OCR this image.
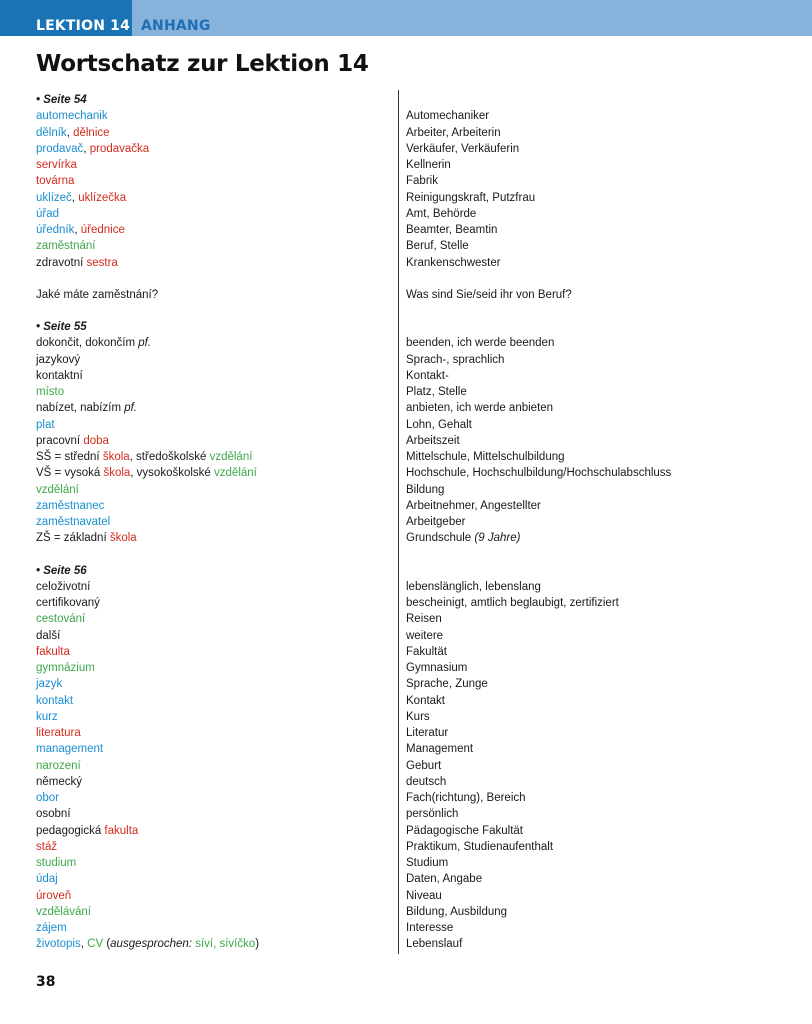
LEKTION 14 ANHANG
Wortschatz zur Lektion 14
• Seite 54
automechanik	Automechaniker
dělník, dělnice	Arbeiter, Arbeiterin
prodavač, prodavačka	Verkäufer, Verkäuferin
servírka	Kellnerin
továrna	Fabrik
uklízeč, uklízečka	Reinigungskraft, Putzfrau
úřad	Amt, Behörde
úředník, úřednice	Beamter, Beamtin
zaměstnání	Beruf, Stelle
zdravotní sestra	Krankenschwester
Jaké máte zaměstnání?	Was sind Sie/seid ihr von Beruf?
• Seite 55
dokončit, dokončím pf.	beenden, ich werde beenden
jazykový	Sprach-, sprachlich
kontaktní	Kontakt-
místo	Platz, Stelle
nabízet, nabízím pf.	anbieten, ich werde anbieten
plat	Lohn, Gehalt
pracovní doba	Arbeitszeit
SŠ = střední škola, středoškolské vzdělání	Mittelschule, Mittelschulbildung
VŠ = vysoká škola, vysokoškolské vzdělání	Hochschule, Hochschulbildung/Hochschulabschluss
vzdělání	Bildung
zaměstnanec	Arbeitnehmer, Angestellter
zaměstnavatel	Arbeitgeber
ZŠ = základní škola	Grundschule (9 Jahre)
• Seite 56
celoživotní	lebenslänglich, lebenslang
certifikovaný	bescheinigt, amtlich beglaubigt, zertifiziert
cestování	Reisen
další	weitere
fakulta	Fakultät
gymnázium	Gymnasium
jazyk	Sprache, Zunge
kontakt	Kontakt
kurz	Kurs
literatura	Literatur
management	Management
narození	Geburt
německý	deutsch
obor	Fach(richtung), Bereich
osobní	persönlich
pedagogická fakulta	Pädagogische Fakultät
stáž	Praktikum, Studienaufenthalt
studium	Studium
údaj	Daten, Angabe
úroveň	Niveau
vzdělávání	Bildung, Ausbildung
zájem	Interesse
životopis, CV (ausgesprochen: síví, sívíčko)	Lebenslauf
38
